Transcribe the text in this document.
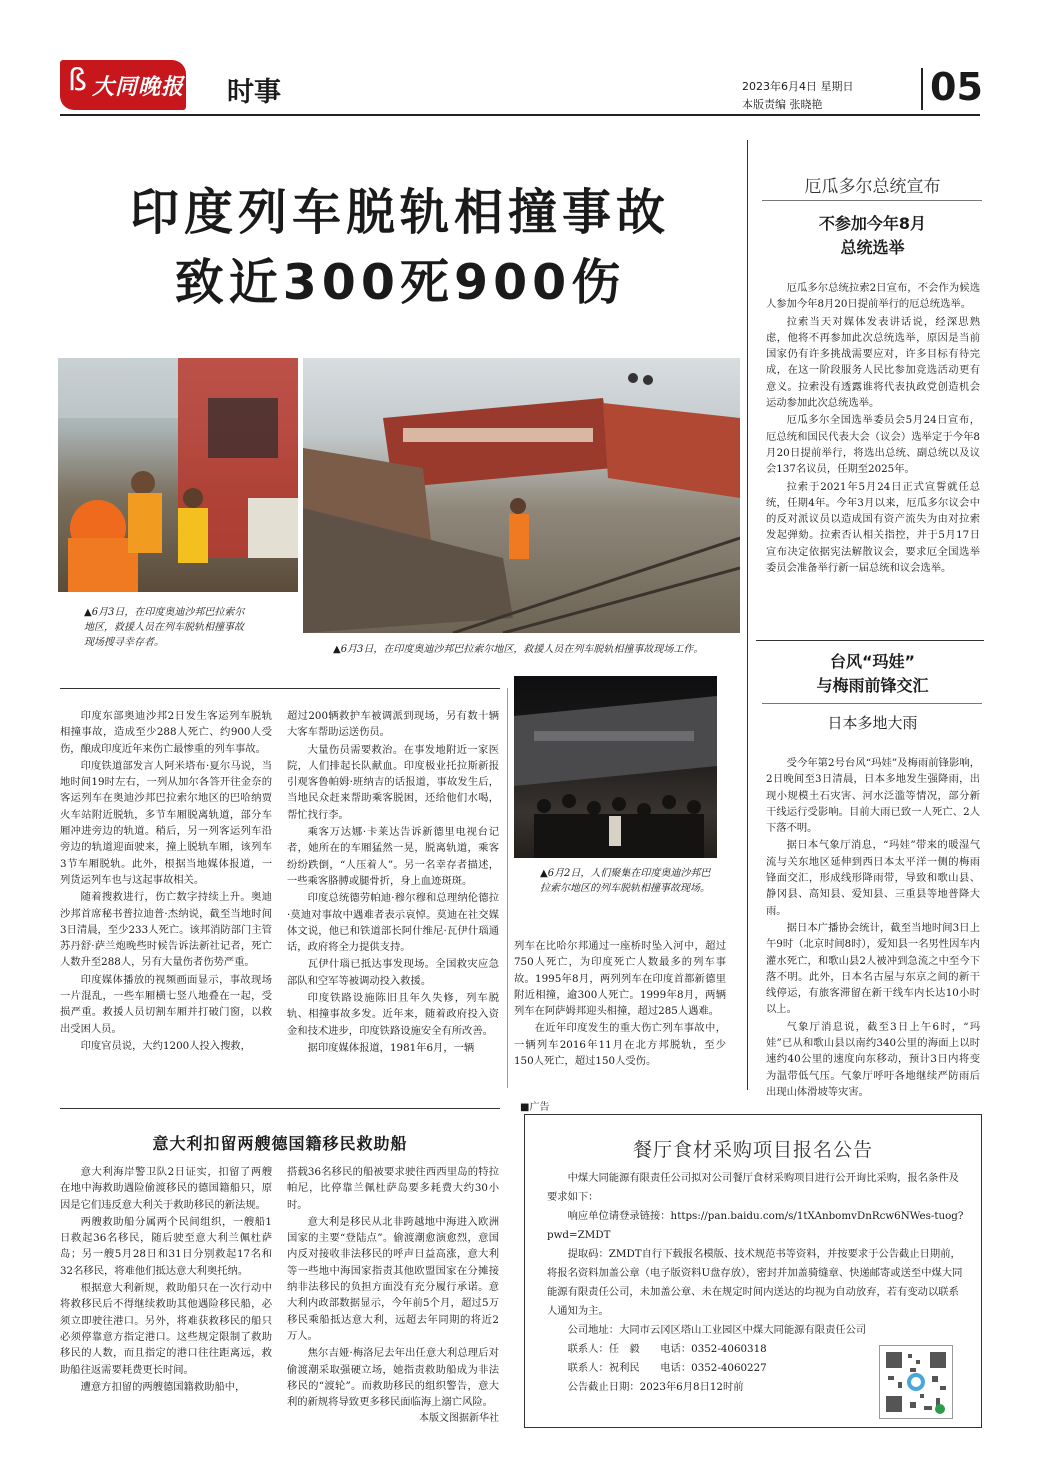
ß 大同晚报 时事	2023年6月4日 星期日
本版责编 张晓艳	05
印度列车脱轨相撞事故
致近300死900伤
▲6月3日，在印度奥迪沙邦巴拉索尔地区，救援人员在列车脱轨相撞事故现场搜寻幸存者。
▲6月3日，在印度奥迪沙邦巴拉索尔地区，救援人员在列车脱轨相撞事故现场工作。
▲6月2日，人们聚集在印度奥迪沙邦巴拉索尔地区的列车脱轨相撞事故现场。

印度东部奥迪沙邦2日发生客运列车脱轨相撞事故，造成至少288人死亡、约900人受伤，酿成印度近年来伤亡最惨重的列车事故。

印度铁道部发言人阿米塔布·夏尔马说，当地时间19时左右，一列从加尔各答开往金奈的客运列车在奥迪沙邦巴拉索尔地区的巴哈纳贾火车站附近脱轨，多节车厢脱离轨道，部分车厢冲进旁边的轨道。稍后，另一列客运列车沿旁边的轨道迎面驶来，撞上脱轨车厢，该列车3节车厢脱轨。此外，根据当地媒体报道，一列货运列车也与这起事故相关。

随着搜救进行，伤亡数字持续上升。奥迪沙邦首席秘书普拉迪普·杰纳说，截至当地时间3日清晨，至少233人死亡。该邦消防部门主管苏丹舒·萨兰炮晚些时候告诉法新社记者，死亡人数升至288人，另有大量伤者伤势严重。

印度媒体播放的视频画面显示，事故现场一片混乱，一些车厢横七竖八地叠在一起，受损严重。救援人员切割车厢并打破门窗，以救出受困人员。

印度官员说，大约1200人投入搜救，

超过200辆救护车被调派到现场，另有数十辆大客车帮助运送伤员。

大量伤员需要救治。在事发地附近一家医院，人们排起长队献血。印度极业托拉斯新报引观客鲁帕姆·班纳吉的话报道，事故发生后，当地民众赶来帮助乘客脱困，还给他们水喝，帮忙找行李。

乘客万达娜·卡莱达告诉新德里电视台记者，她所在的车厢猛然一晃，脱离轨道，乘客纷纷跌倒，“人压着人”。另一名幸存者描述，一些乘客胳膊或腿骨折，身上血迹斑斑。

印度总统德劳帕迪·穆尔穆和总理纳伦德拉·莫迪对事故中遇难者表示哀悼。莫迪在社交媒体文说，他已和铁道部长阿什维尼·瓦伊什瑙通话，政府将全力提供支持。

瓦伊什瑙已抵达事发现场。全国救灾应急部队和空军等被调动投入救援。

印度铁路设施陈旧且年久失修，列车脱轨、相撞事故多发。近年来，随着政府投入资金和技术进步，印度铁路设施安全有所改善。

据印度媒体报道，1981年6月，一辆

列车在比哈尔邦通过一座桥时坠入河中，超过750人死亡，为印度死亡人数最多的列车事故。1995年8月，两列列车在印度首都新德里附近相撞，逾300人死亡。1999年8月，两辆列车在阿萨姆邦迎头相撞，超过285人遇难。

在近年印度发生的重大伤亡列车事故中，一辆列车2016年11月在北方邦脱轨，至少150人死亡，超过150人受伤。

厄瓜多尔总统宣布
不参加今年8月
总统选举

厄瓜多尔总统拉索2日宣布，不会作为候选人参加今年8月20日提前举行的厄总统选举。

拉索当天对媒体发表讲话说，经深思熟虑，他将不再参加此次总统选举，原因是当前国家仍有许多挑战需要应对，许多目标有待完成，在这一阶段服务人民比参加竞选活动更有意义。拉索没有透露谁将代表执政党创造机会运动参加此次总统选举。

厄瓜多尔全国选举委员会5月24日宣布，厄总统和国民代表大会（议会）选举定于今年8月20日提前举行，将选出总统、副总统以及议会137名议员，任期至2025年。

拉索于2021年5月24日正式宣誓就任总统，任期4年。今年3月以来，厄瓜多尔议会中的反对派议员以造成国有资产流失为由对拉索发起弹劾。拉索否认相关指控，并于5月17日宣布决定依据宪法解散议会，要求厄全国选举委员会准备举行新一届总统和议会选举。

台风“玛娃”
与梅雨前锋交汇
日本多地大雨

受今年第2号台风“玛娃”及梅雨前锋影响，2日晚间至3日清晨，日本多地发生强降雨，出现小规模土石灾害、河水泛滥等情况，部分新干线运行受影响。目前大雨已致一人死亡、2人下落不明。

据日本气象厅消息，“玛娃”带来的暖湿气流与关东地区延伸到西日本太平洋一侧的梅雨锋面交汇，形成线形降雨带，导致和歌山县、静冈县、高知县、爱知县、三重县等地普降大雨。

据日本广播协会统计，截至当地时间3日上午9时（北京时间8时），爱知县一名男性因车内灌水死亡，和歌山县2人被冲到急流之中至今下落不明。此外，日本名古屋与东京之间的新干线停运，有旅客滞留在新干线车内长达10小时以上。

气象厅消息说，截至3日上午6时，“玛娃”已从和歌山县以南约340公里的海面上以时速约40公里的速度向东移动，预计3日内将变为温带低气压。气象厅呼吁各地继续严防雨后出现山体滑坡等灾害。

意大利扣留两艘德国籍移民救助船

意大利海岸警卫队2日证实，扣留了两艘在地中海救助遇险偷渡移民的德国籍船只，原因是它们违反意大利关于救助移民的新法规。

两艘救助船分属两个民间组织，一艘船1日救起36名移民，随后驶至意大利兰佩杜萨岛；另一艘5月28日和31日分别救起17名和32名移民，将难他们抵达意大利奥托纳。

根据意大利新规，救助船只在一次行动中将救移民后不得继续救助其他遇险移民船，必须立即驶往港口。另外，将难获救移民的船只必须停靠意方指定港口。这些规定限制了救助移民的人数，而且指定的港口往往距离远，救助船往返需要耗费更长时间。

遭意方扣留的两艘德国籍救助船中，

搭载36名移民的船被要求驶往西西里岛的特拉帕尼，比停靠兰佩杜萨岛要多耗费大约30小时。

意大利是移民从北非跨越地中海进入欧洲国家的主要“登陆点”。偷渡潮愈演愈烈，意国内反对接收非法移民的呼声日益高涨，意大利等一些地中海国家指责其他欧盟国家在分摊接纳非法移民的负担方面没有充分履行承诺。意大利内政部数据显示，今年前5个月，超过5万移民乘船抵达意大利，远超去年同期的将近2万人。

焦尔吉娅·梅洛尼去年出任意大利总理后对偷渡潮采取强硬立场，她指责救助船成为非法移民的“渡轮”。而救助移民的组织警告，意大利的新规将导致更多移民面临海上溺亡风险。

本版文图据新华社

■广告
餐厅食材采购项目报名公告
中煤大同能源有限责任公司拟对公司餐厅食材采购项目进行公开询比采购，报名条件及要求如下：
响应单位请登录链接：https://pan.baidu.com/s/1tXAnbomvDnRcw6NWes-tuog?pwd=ZMDT
提取码：ZMDT自行下载报名模版、技术规范书等资料，并按要求于公告截止日期前，将报名资料加盖公章（电子版资料U盘存放），密封并加盖骑缝章、快递邮寄或送至中煤大同能源有限责任公司，未加盖公章、未在规定时间内送达的均视为自动放弃，若有变动以联系人通知为主。
公司地址：大同市云冈区塔山工业园区中煤大同能源有限责任公司
联系人：任　毅　　电话：0352-4060318
联系人：祝利民　　电话：0352-4060227
公告截止日期：2023年6月8日12时前
